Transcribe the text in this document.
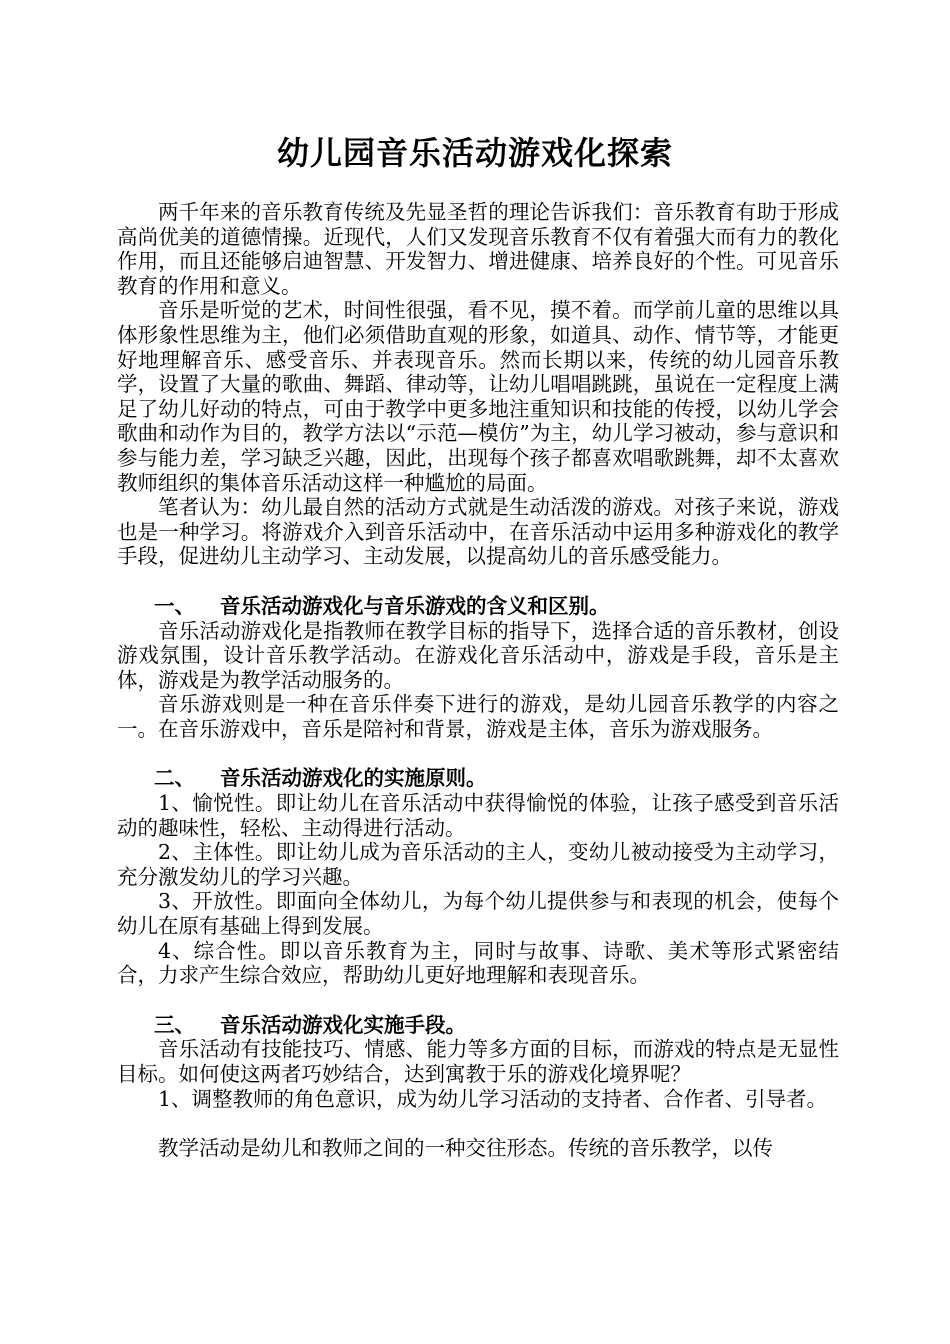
幼儿园音乐活动游戏化探索

两千年来的音乐教育传统及先显圣哲的理论告诉我们：音乐教育有助于形成高尚优美的道德情操。近现代，人们又发现音乐教育不仅有着强大而有力的教化作用，而且还能够启迪智慧、开发智力、增进健康、培养良好的个性。可见音乐教育的作用和意义。

音乐是听觉的艺术，时间性很强，看不见，摸不着。而学前儿童的思维以具体形象性思维为主，他们必须借助直观的形象，如道具、动作、情节等，才能更好地理解音乐、感受音乐、并表现音乐。然而长期以来，传统的幼儿园音乐教学，设置了大量的歌曲、舞蹈、律动等，让幼儿唱唱跳跳，虽说在一定程度上满足了幼儿好动的特点，可由于教学中更多地注重知识和技能的传授，以幼儿学会歌曲和动作为目的，教学方法以“示范—模仿”为主，幼儿学习被动，参与意识和参与能力差，学习缺乏兴趣，因此，出现每个孩子都喜欢唱歌跳舞，却不太喜欢教师组织的集体音乐活动这样一种尴尬的局面。

笔者认为：幼儿最自然的活动方式就是生动活泼的游戏。对孩子来说，游戏也是一种学习。将游戏介入到音乐活动中，在音乐活动中运用多种游戏化的教学手段，促进幼儿主动学习、主动发展，以提高幼儿的音乐感受能力。

一、 音乐活动游戏化与音乐游戏的含义和区别。

音乐活动游戏化是指教师在教学目标的指导下，选择合适的音乐教材，创设游戏氛围，设计音乐教学活动。在游戏化音乐活动中，游戏是手段，音乐是主体，游戏是为教学活动服务的。

音乐游戏则是一种在音乐伴奏下进行的游戏，是幼儿园音乐教学的内容之一。在音乐游戏中，音乐是陪衬和背景，游戏是主体，音乐为游戏服务。

二、 音乐活动游戏化的实施原则。

1、愉悦性。即让幼儿在音乐活动中获得愉悦的体验，让孩子感受到音乐活动的趣味性，轻松、主动得进行活动。

2、主体性。即让幼儿成为音乐活动的主人，变幼儿被动接受为主动学习，充分激发幼儿的学习兴趣。

3、开放性。即面向全体幼儿，为每个幼儿提供参与和表现的机会，使每个幼儿在原有基础上得到发展。

4、综合性。即以音乐教育为主，同时与故事、诗歌、美术等形式紧密结合，力求产生综合效应，帮助幼儿更好地理解和表现音乐。

三、 音乐活动游戏化实施手段。

音乐活动有技能技巧、情感、能力等多方面的目标，而游戏的特点是无显性目标。如何使这两者巧妙结合，达到寓教于乐的游戏化境界呢？

1、调整教师的角色意识，成为幼儿学习活动的支持者、合作者、引导者。

教学活动是幼儿和教师之间的一种交往形态。传统的音乐教学，以传
